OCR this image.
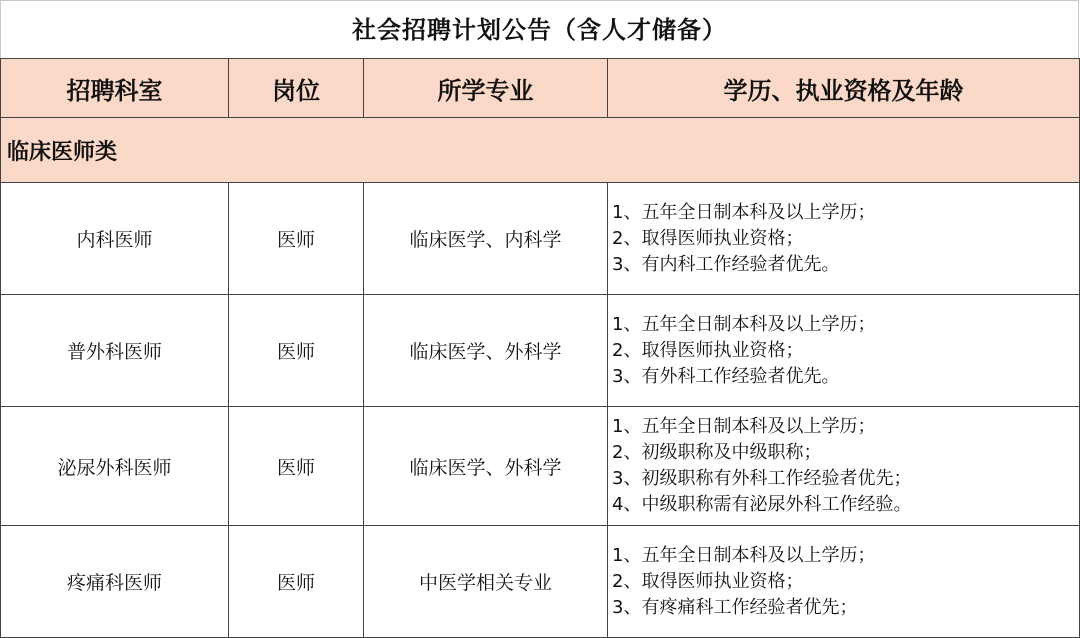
社会招聘计划公告（含人才储备）
招聘科室	岗位	所学专业	学历、执业资格及年龄
临床医师类			
内科医师	医师	临床医学、内科学	1、五年全日制本科及以上学历；
2、取得医师执业资格；
3、有内科工作经验者优先。

普外科医师	医师	临床医学、外科学	1、五年全日制本科及以上学历；
2、取得医师执业资格；
3、有外科工作经验者优先。

泌尿外科医师	医师	临床医学、外科学	1、五年全日制本科及以上学历；
2、初级职称及中级职称；
3、初级职称有外科工作经验者优先；
4、中级职称需有泌尿外科工作经验。

疼痛科医师	医师	中医学相关专业	1、五年全日制本科及以上学历；
2、取得医师执业资格；
3、有疼痛科工作经验者优先；
